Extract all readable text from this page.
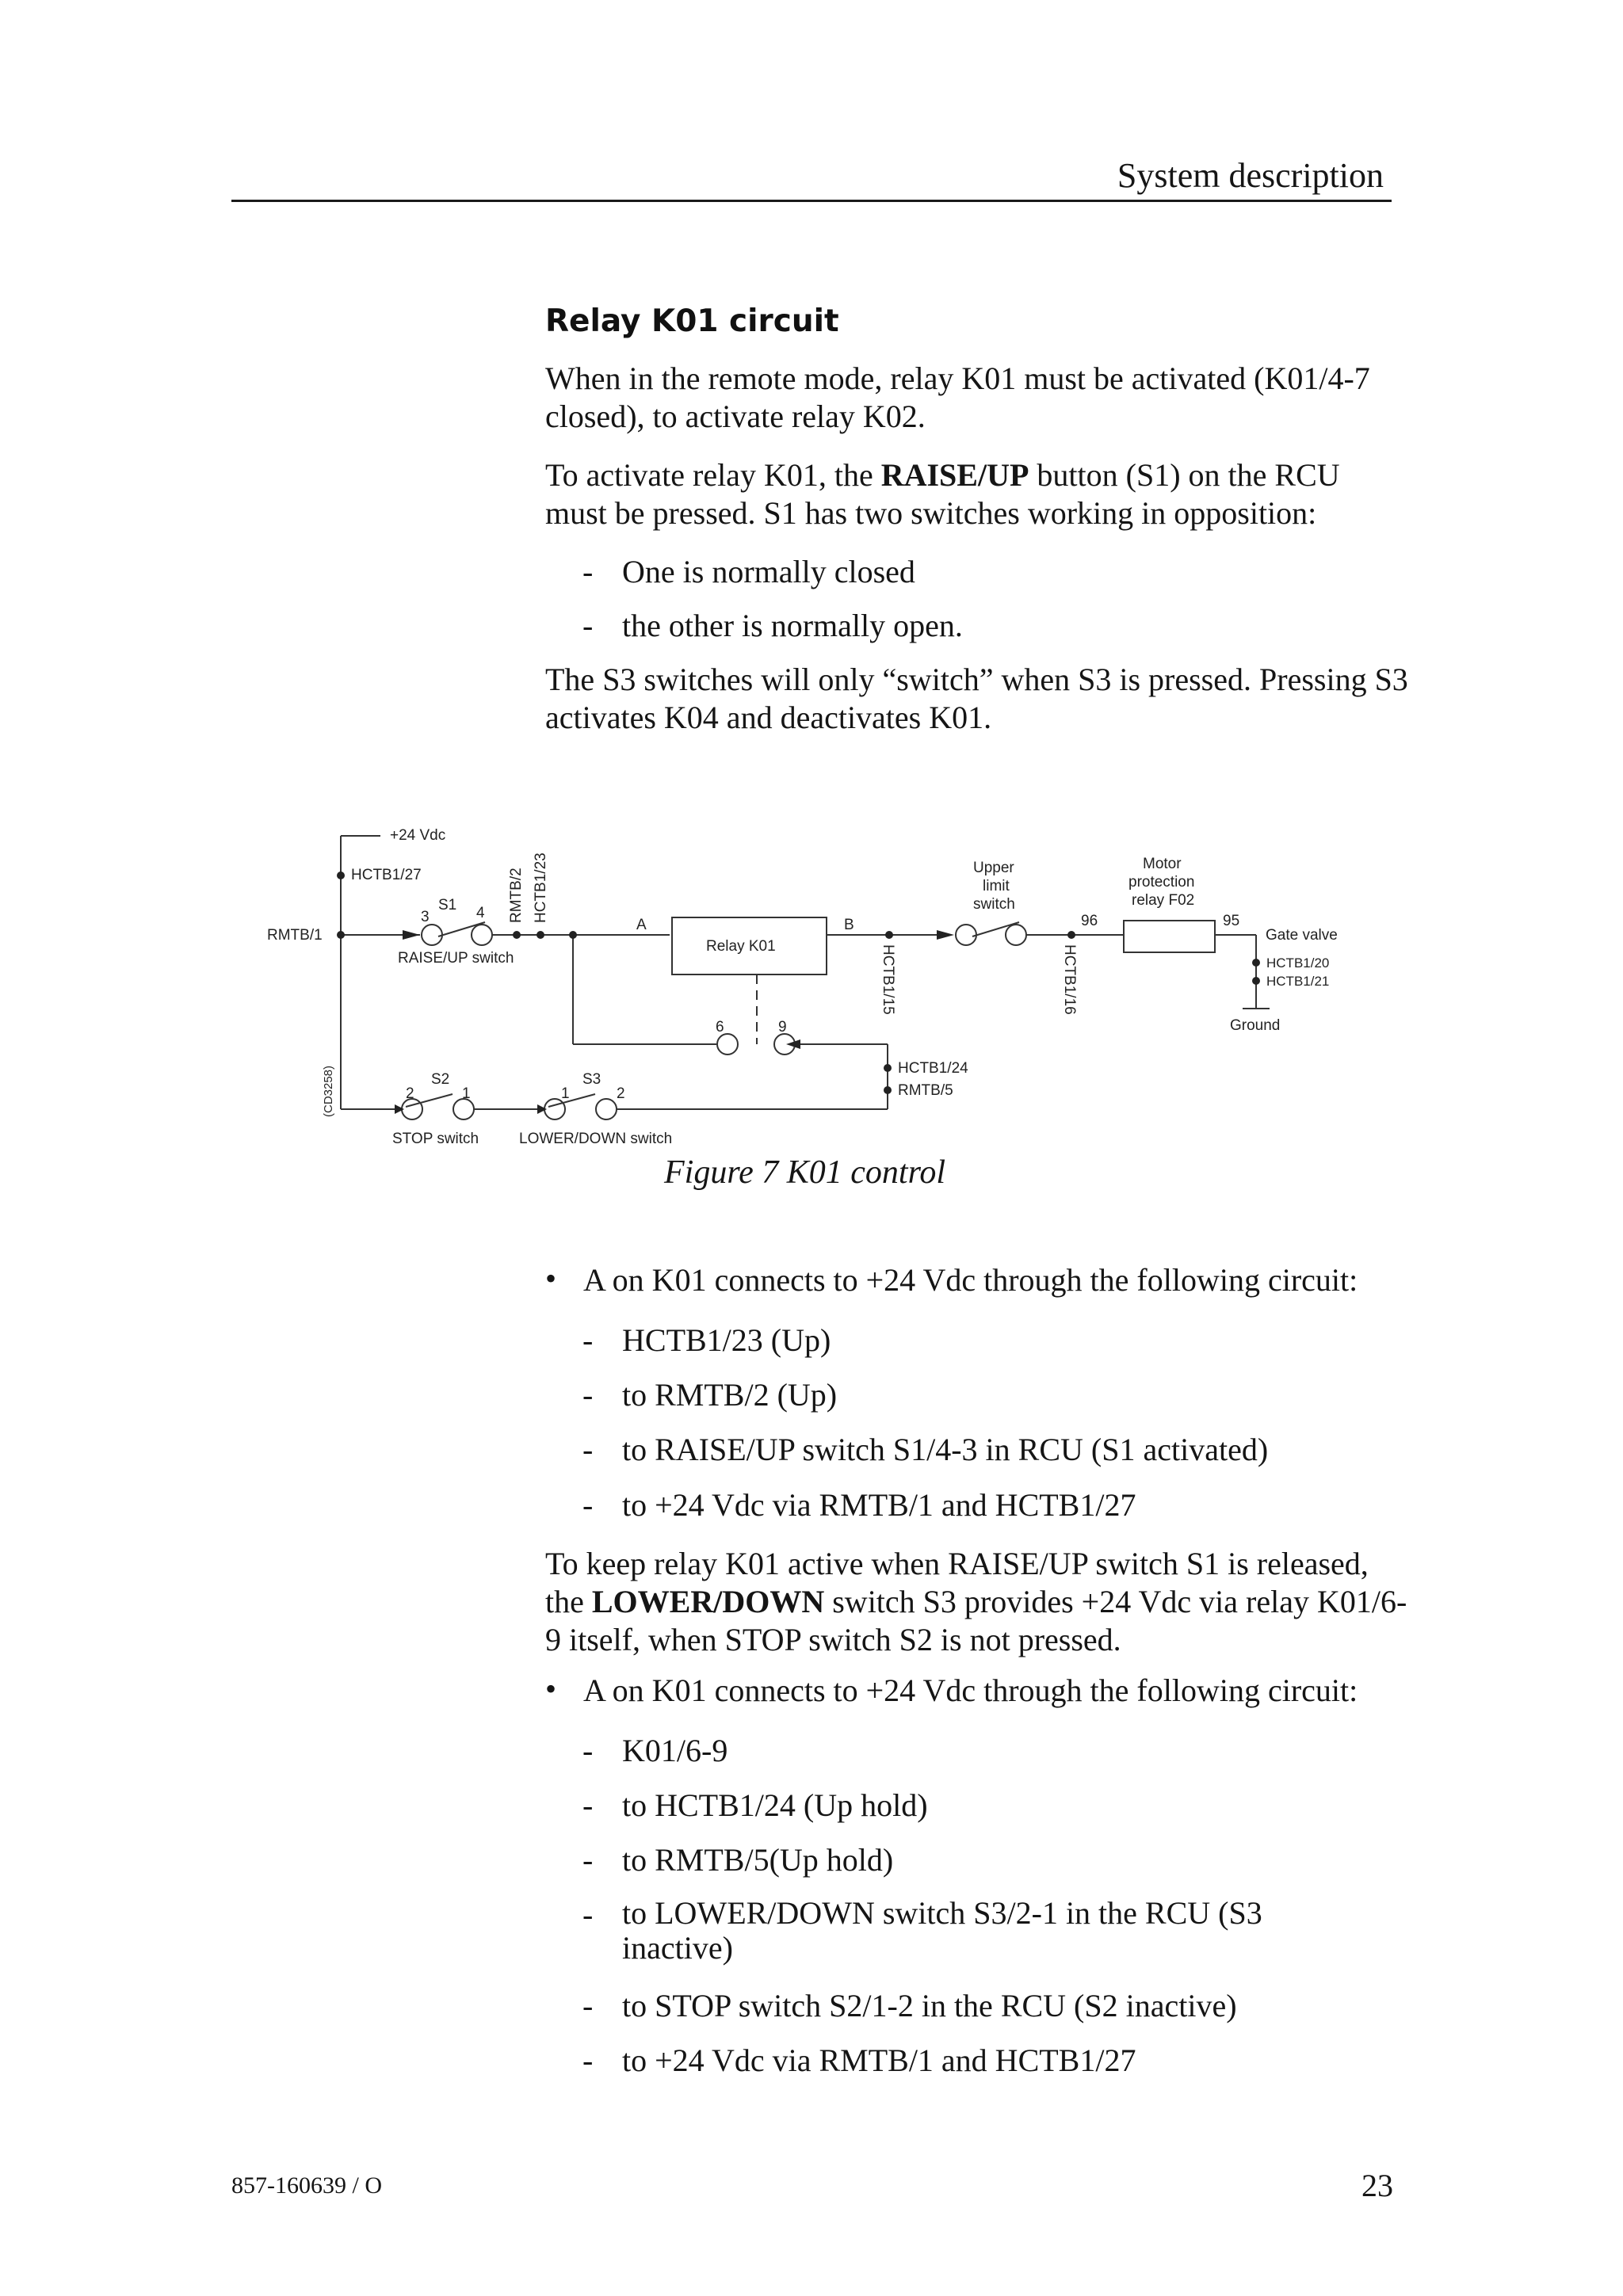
System description
Relay K01 circuit

When in the remote mode, relay K01 must be activated (K01/4-7 closed), to activate relay K02.

To activate relay K01, the RAISE/UP button (S1) on the RCU must be pressed. S1 has two switches working in opposition:

- One is normally closed
- the other is normally open.

The S3 switches will only “switch” when S3 is pressed. Pressing S3 activates K04 and deactivates K01.

+24 Vdc
HCTB1/27
RMTB/1
S1
3	4
RAISE/UP switch
RMTB/2 HCTB1/23
A
Relay K01
B
HCTB1/15
Upper
limit
switch
HCTB1/16
96
Motor
protection
relay F02
95
Gate valve
HCTB1/20
HCTB1/21
Ground
6	9
HCTB1/24
RMTB/5
S2
2	1
STOP switch
S3
1	2
LOWER/DOWN switch
(CD3258)
Figure 7 K01 control
• A on K01 connects to +24 Vdc through the following circuit:
- HCTB1/23 (Up)
- to RMTB/2 (Up)
- to RAISE/UP switch S1/4-3 in RCU (S1 activated)
- to +24 Vdc via RMTB/1 and HCTB1/27

To keep relay K01 active when RAISE/UP switch S1 is released, the LOWER/DOWN switch S3 provides +24 Vdc via relay K01/6-9 itself, when STOP switch S2 is not pressed.

• A on K01 connects to +24 Vdc through the following circuit:
- K01/6-9
- to HCTB1/24 (Up hold)
- to RMTB/5(Up hold)
- to LOWER/DOWN switch S3/2-1 in the RCU (S3 inactive)
- to STOP switch S2/1-2 in the RCU (S2 inactive)
- to +24 Vdc via RMTB/1 and HCTB1/27
857-160639 / O	23
